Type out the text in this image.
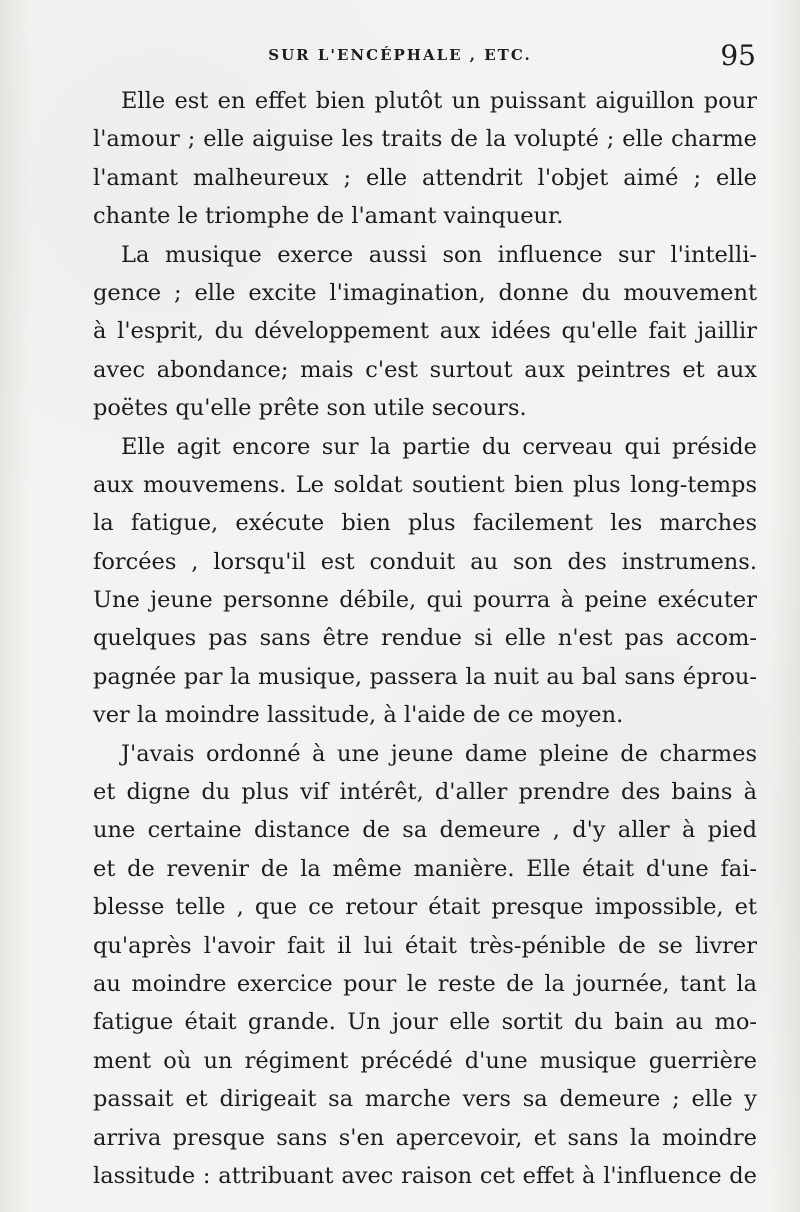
SUR L'ENCÉPHALE , ETC.	95
Elle est en effet bien plutôt un puissant aiguillon pour
l'amour ; elle aiguise les traits de la volupté ; elle charme
l'amant malheureux ; elle attendrit l'objet aimé ; elle
chante le triomphe de l'amant vainqueur.
La musique exerce aussi son influence sur l'intelli-
gence ; elle excite l'imagination, donne du mouvement
à l'esprit, du développement aux idées qu'elle fait jaillir
avec abondance; mais c'est surtout aux peintres et aux
poëtes qu'elle prête son utile secours.
Elle agit encore sur la partie du cerveau qui préside
aux mouvemens. Le soldat soutient bien plus long-temps
la fatigue, exécute bien plus facilement les marches
forcées , lorsqu'il est conduit au son des instrumens.
Une jeune personne débile, qui pourra à peine exécuter
quelques pas sans être rendue si elle n'est pas accom-
pagnée par la musique, passera la nuit au bal sans éprou-
ver la moindre lassitude, à l'aide de ce moyen.
J'avais ordonné à une jeune dame pleine de charmes
et digne du plus vif intérêt, d'aller prendre des bains à
une certaine distance de sa demeure , d'y aller à pied
et de revenir de la même manière. Elle était d'une fai-
blesse telle , que ce retour était presque impossible, et
qu'après l'avoir fait il lui était très-pénible de se livrer
au moindre exercice pour le reste de la journée, tant la
fatigue était grande. Un jour elle sortit du bain au mo-
ment où un régiment précédé d'une musique guerrière
passait et dirigeait sa marche vers sa demeure ; elle y
arriva presque sans s'en apercevoir, et sans la moindre
lassitude : attribuant avec raison cet effet à l'influence de
